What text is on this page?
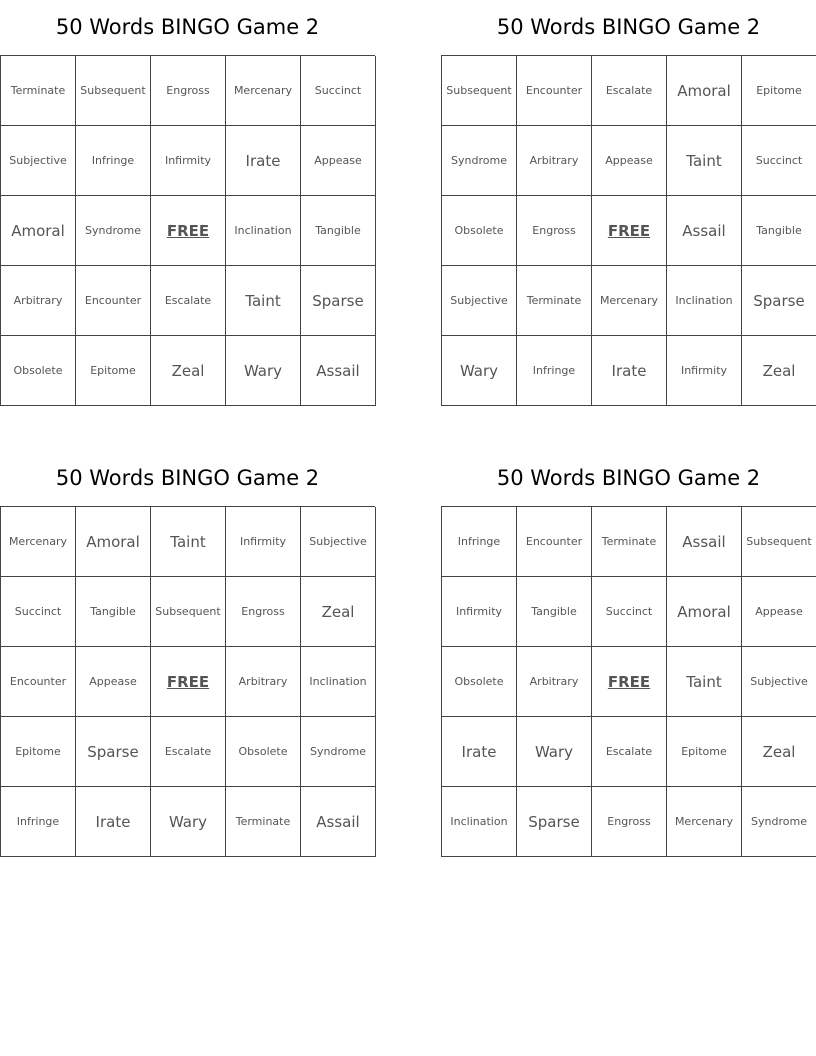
50 Words BINGO Game 2
Terminate	Subsequent	Engross	Mercenary	Succinct
Subjective	Infringe	Infirmity	Irate	Appease
Amoral	Syndrome	FREE	Inclination	Tangible
Arbitrary	Encounter	Escalate	Taint	Sparse
Obsolete	Epitome	Zeal	Wary	Assail
50 Words BINGO Game 2
Subsequent	Encounter	Escalate	Amoral	Epitome
Syndrome	Arbitrary	Appease	Taint	Succinct
Obsolete	Engross	FREE	Assail	Tangible
Subjective	Terminate	Mercenary	Inclination	Sparse
Wary	Infringe	Irate	Infirmity	Zeal
50 Words BINGO Game 2
Mercenary	Amoral	Taint	Infirmity	Subjective
Succinct	Tangible	Subsequent	Engross	Zeal
Encounter	Appease	FREE	Arbitrary	Inclination
Epitome	Sparse	Escalate	Obsolete	Syndrome
Infringe	Irate	Wary	Terminate	Assail
50 Words BINGO Game 2
Infringe	Encounter	Terminate	Assail	Subsequent
Infirmity	Tangible	Succinct	Amoral	Appease
Obsolete	Arbitrary	FREE	Taint	Subjective
Irate	Wary	Escalate	Epitome	Zeal
Inclination	Sparse	Engross	Mercenary	Syndrome
